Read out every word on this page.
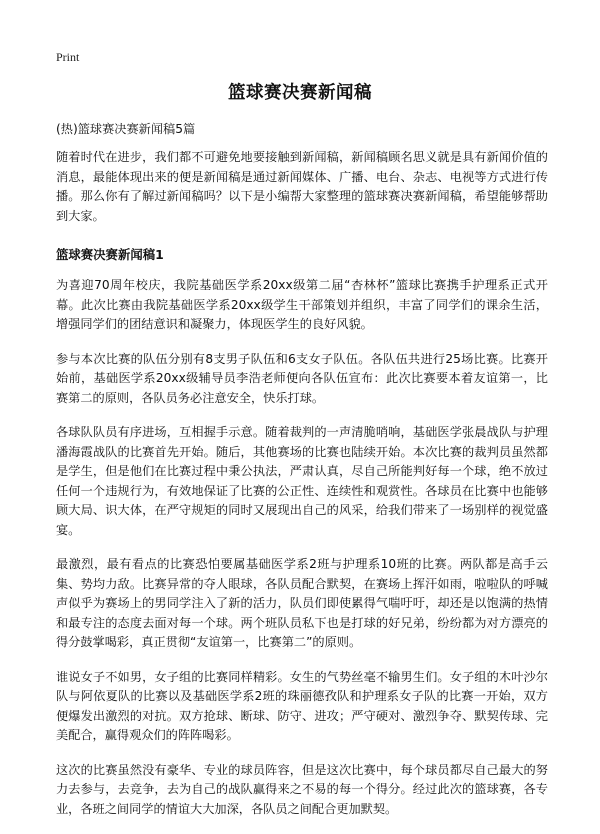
Print
篮球赛决赛新闻稿

(热)篮球赛决赛新闻稿5篇

随着时代在进步，我们都不可避免地要接触到新闻稿，新闻稿顾名思义就是具有新闻价值的消息，最能体现出来的便是新闻稿是通过新闻媒体、广播、电台、杂志、电视等方式进行传播。那么你有了解过新闻稿吗？以下是小编帮大家整理的篮球赛决赛新闻稿，希望能够帮助到大家。

篮球赛决赛新闻稿1

为喜迎70周年校庆，我院基础医学系20xx级第二届“杏林杯”篮球比赛携手护理系正式开幕。此次比赛由我院基础医学系20xx级学生干部策划并组织，丰富了同学们的课余生活，增强同学们的团结意识和凝聚力，体现医学生的良好风貌。

参与本次比赛的队伍分别有8支男子队伍和6支女子队伍。各队伍共进行25场比赛。比赛开始前，基础医学系20xx级辅导员李浩老师便向各队伍宣布：此次比赛要本着友谊第一，比赛第二的原则，各队员务必注意安全，快乐打球。

各球队队员有序进场，互相握手示意。随着裁判的一声清脆哨响，基础医学张晨战队与护理潘海霞战队的比赛首先开始。随后，其他赛场的比赛也陆续开始。本次比赛的裁判员虽然都是学生，但是他们在比赛过程中秉公执法，严肃认真，尽自己所能判好每一个球，绝不放过任何一个违规行为，有效地保证了比赛的公正性、连续性和观赏性。各球员在比赛中也能够顾大局、识大体，在严守规矩的同时又展现出自己的风采，给我们带来了一场别样的视觉盛宴。

最激烈，最有看点的比赛恐怕要属基础医学系2班与护理系10班的比赛。两队都是高手云集、势均力敌。比赛异常的夺人眼球，各队员配合默契，在赛场上挥汗如雨，啦啦队的呼喊声似乎为赛场上的男同学注入了新的活力，队员们即使累得气喘吁吁，却还是以饱满的热情和最专注的态度去面对每一个球。两个班队员私下也是打球的好兄弟，纷纷都为对方漂亮的得分鼓掌喝彩，真正贯彻“友谊第一，比赛第二”的原则。

谁说女子不如男，女子组的比赛同样精彩。女生的气势丝毫不输男生们。女子组的木叶沙尔队与阿依夏队的比赛以及基础医学系2班的珠丽德孜队和护理系女子队的比赛一开始，双方便爆发出激烈的对抗。双方抢球、断球、防守、进攻；严守硬对、激烈争夺、默契传球、完美配合，赢得观众们的阵阵喝彩。

这次的比赛虽然没有豪华、专业的球员阵容，但是这次比赛中，每个球员都尽自己最大的努力去参与，去竞争，去为自己的战队赢得来之不易的每一个得分。经过此次的篮球赛，各专业，各班之间同学的情谊大大加深，各队员之间配合更加默契。
